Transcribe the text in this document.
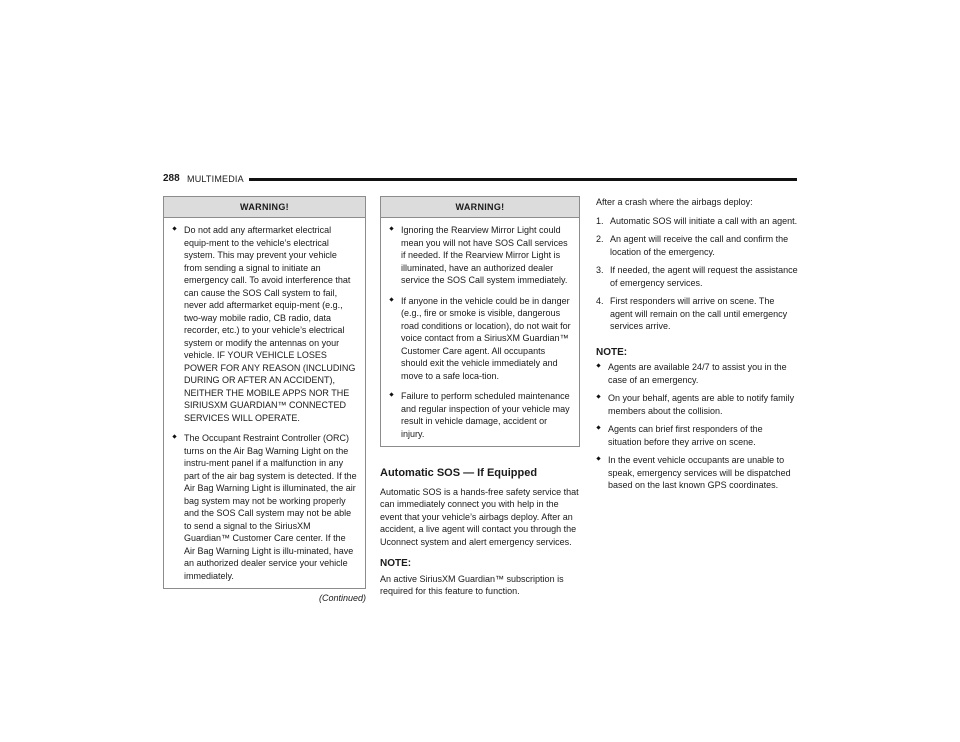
288 MULTIMEDIA
WARNING!
Do not add any aftermarket electrical equip-ment to the vehicle’s electrical system. This may prevent your vehicle from sending a signal to initiate an emergency call. To avoid interference that can cause the SOS Call system to fail, never add aftermarket equip-ment (e.g., two-way mobile radio, CB radio, data recorder, etc.) to your vehicle’s electrical system or modify the antennas on your vehicle. IF YOUR VEHICLE LOSES POWER FOR ANY REASON (INCLUDING DURING OR AFTER AN ACCIDENT), NEITHER THE MOBILE APPS NOR THE SIRIUSXM GUARDIAN™ CONNECTED SERVICES WILL OPERATE.
The Occupant Restraint Controller (ORC) turns on the Air Bag Warning Light on the instru-ment panel if a malfunction in any part of the air bag system is detected. If the Air Bag Warning Light is illuminated, the air bag system may not be working properly and the SOS Call system may not be able to send a signal to the SiriusXM Guardian™ Customer Care center. If the Air Bag Warning Light is illu-minated, have an authorized dealer service your vehicle immediately.
(Continued)
WARNING!
Ignoring the Rearview Mirror Light could mean you will not have SOS Call services if needed. If the Rearview Mirror Light is illuminated, have an authorized dealer service the SOS Call system immediately.
If anyone in the vehicle could be in danger (e.g., fire or smoke is visible, dangerous road conditions or location), do not wait for voice contact from a SiriusXM Guardian™ Customer Care agent. All occupants should exit the vehicle immediately and move to a safe loca-tion.
Failure to perform scheduled maintenance and regular inspection of your vehicle may result in vehicle damage, accident or injury.
Automatic SOS — If Equipped

Automatic SOS is a hands-free safety service that can immediately connect you with help in the event that your vehicle’s airbags deploy. After an accident, a live agent will contact you through the Uconnect system and alert emergency services.

NOTE:

An active SiriusXM Guardian™ subscription is required for this feature to function.

After a crash where the airbags deploy:

1. Automatic SOS will initiate a call with an agent.
2. An agent will receive the call and confirm the location of the emergency.
3. If needed, the agent will request the assistance of emergency services.
4. First responders will arrive on scene. The agent will remain on the call until emergency services arrive.
NOTE:
Agents are available 24/7 to assist you in the case of an emergency.
On your behalf, agents are able to notify family members about the collision.
Agents can brief first responders of the situation before they arrive on scene.
In the event vehicle occupants are unable to speak, emergency services will be dispatched based on the last known GPS coordinates.
